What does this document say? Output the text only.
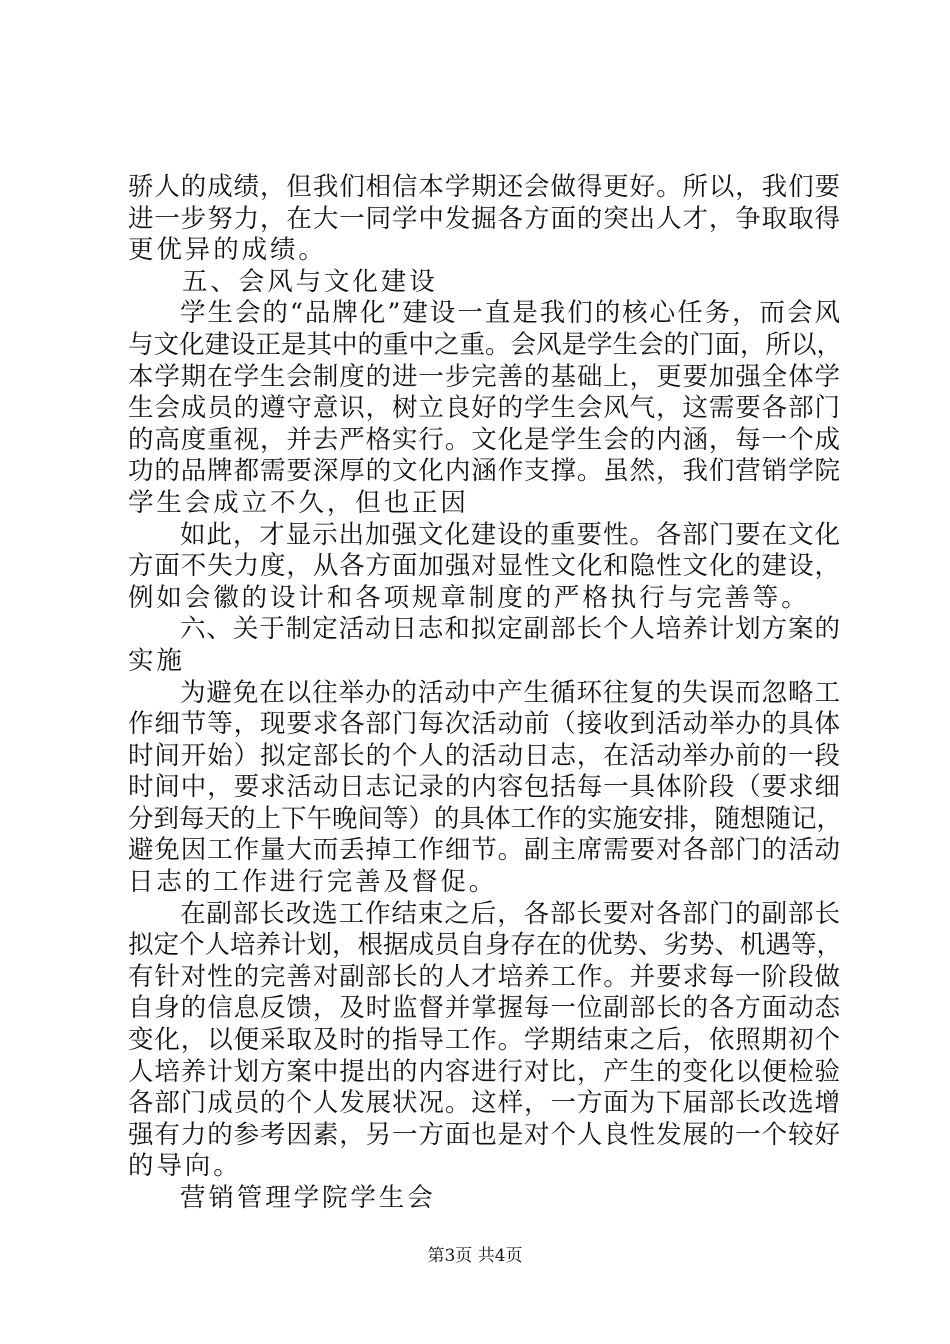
骄人的成绩，但我们相信本学期还会做得更好。所以，我们要
进一步努力，在大一同学中发掘各方面的突出人才，争取取得
更优异的成绩。
五、会风与文化建设
学生会的“品牌化”建设一直是我们的核心任务，而会风
与文化建设正是其中的重中之重。会风是学生会的门面，所以，
本学期在学生会制度的进一步完善的基础上，更要加强全体学
生会成员的遵守意识，树立良好的学生会风气，这需要各部门
的高度重视，并去严格实行。文化是学生会的内涵，每一个成
功的品牌都需要深厚的文化内涵作支撑。虽然，我们营销学院
学生会成立不久，但也正因
如此，才显示出加强文化建设的重要性。各部门要在文化
方面不失力度，从各方面加强对显性文化和隐性文化的建设，
例如会徽的设计和各项规章制度的严格执行与完善等。
六、关于制定活动日志和拟定副部长个人培养计划方案的
实施
为避免在以往举办的活动中产生循环往复的失误而忽略工
作细节等，现要求各部门每次活动前（接收到活动举办的具体
时间开始）拟定部长的个人的活动日志，在活动举办前的一段
时间中，要求活动日志记录的内容包括每一具体阶段（要求细
分到每天的上下午晚间等）的具体工作的实施安排，随想随记，
避免因工作量大而丢掉工作细节。副主席需要对各部门的活动
日志的工作进行完善及督促。
在副部长改选工作结束之后，各部长要对各部门的副部长
拟定个人培养计划，根据成员自身存在的优势、劣势、机遇等，
有针对性的完善对副部长的人才培养工作。并要求每一阶段做
自身的信息反馈，及时监督并掌握每一位副部长的各方面动态
变化，以便采取及时的指导工作。学期结束之后，依照期初个
人培养计划方案中提出的内容进行对比，产生的变化以便检验
各部门成员的个人发展状况。这样，一方面为下届部长改选增
强有力的参考因素，另一方面也是对个人良性发展的一个较好
的导向。
营销管理学院学生会
第3页 共4页
